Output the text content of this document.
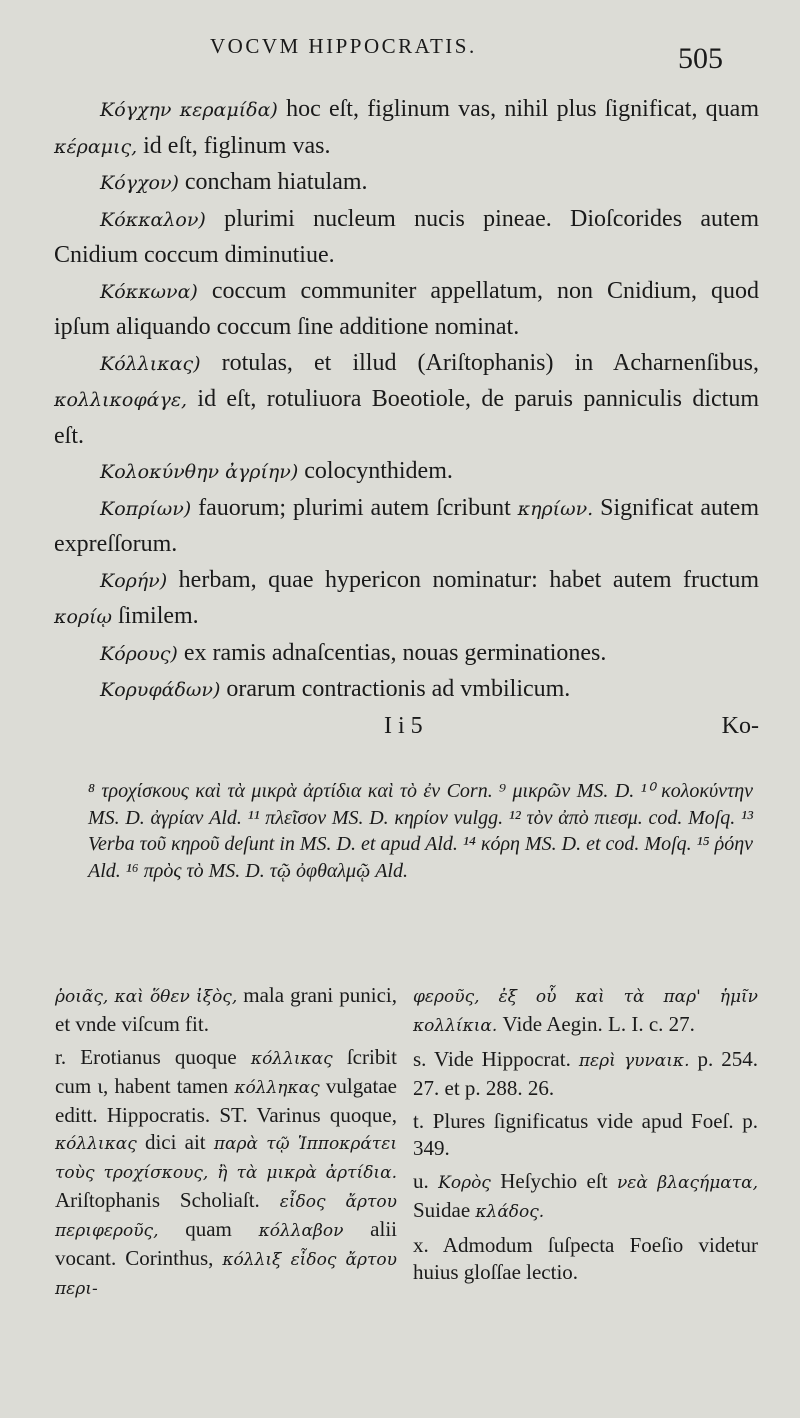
VOCVM HIPPOCRATIS.	505

Κόγχην κεραμίδα) hoc eſt, figlinum vas, nihil plus ſignificat, quam κέραμις, id eſt, figlinum vas.

Κόγχον) concham hiatulam.

Κόκκαλον) plurimi nucleum nucis pineae. Dioſcorides autem Cnidium coccum diminutiue.

Κόκκωνα) coccum communiter appellatum, non Cnidium, quod ipſum aliquando coccum ſine additione nominat.

Κόλλικας) rotulas, et illud (Ariſtophanis) in Acharnenſibus, κολλικοφάγε, id eſt, rotuliuora Boeotiole, de paruis panniculis dictum eſt.

Κολοκύνθην ἀγρίην) colocynthidem.

Κοπρίων) fauorum; plurimi autem ſcribunt κηρίων. Significat autem expreſſorum.

Κορήν) herbam, quae hypericon nominatur: habet autem fructum κορίῳ ſimilem.

Κόρους) ex ramis adnaſcentias, nouas germinationes.

Κορυφάδων) orarum contractionis ad vmbilicum.

I i 5	Ko-

⁸ τροχίσκους καὶ τὰ μικρὰ ἀρτίδια καὶ τὸ ἐν Corn. ⁹ μικρῶν MS. D. ¹⁰ κολοκύντην MS. D. ἀγρίαν Ald. ¹¹ πλεῖσον MS. D. κηρίον vulgg. ¹² τὸν ἀπὸ πιεσμ. cod. Moſq. ¹³ Verba τοῦ κηροῦ deſunt in MS. D. et apud Ald. ¹⁴ κόρη MS. D. et cod. Moſq. ¹⁵ ῥόην Ald. ¹⁶ πρὸς τὸ MS. D. τῷ ὀφθαλμῷ Ald.

ῥοιᾶς, καὶ ὅθεν ἰξὸς, mala grani punici, et vnde viſcum fit.

r. Erotianus quoque κόλλικας ſcribit cum ι, habent tamen κόλληκας vulgatae editt. Hippocratis. ST. Varinus quoque, κόλλικας dici ait παρὰ τῷ Ἱπποκράτει τοὺς τροχίσκους, ἢ τὰ μικρὰ ἀρτίδια. Ariſtophanis Scholiaſt. εἶδος ἄρτου περιφεροῦς, quam κόλλαβον alii vocant. Corinthus, κόλλιξ εἶδος ἄρτου περι-

φεροῦς, ἐξ οὗ καὶ τὰ παρ' ἡμῖν κολλίκια. Vide Aegin. L. I. c. 27.

s. Vide Hippocrat. περὶ γυναικ. p. 254. 27. et p. 288. 26.

t. Plures ſignificatus vide apud Foeſ. p. 349.

u. Κορὸς Heſychio eſt νεὰ βλαςήματα, Suidae κλάδος.

x. Admodum ſuſpecta Foeſio videtur huius gloſſae lectio.
